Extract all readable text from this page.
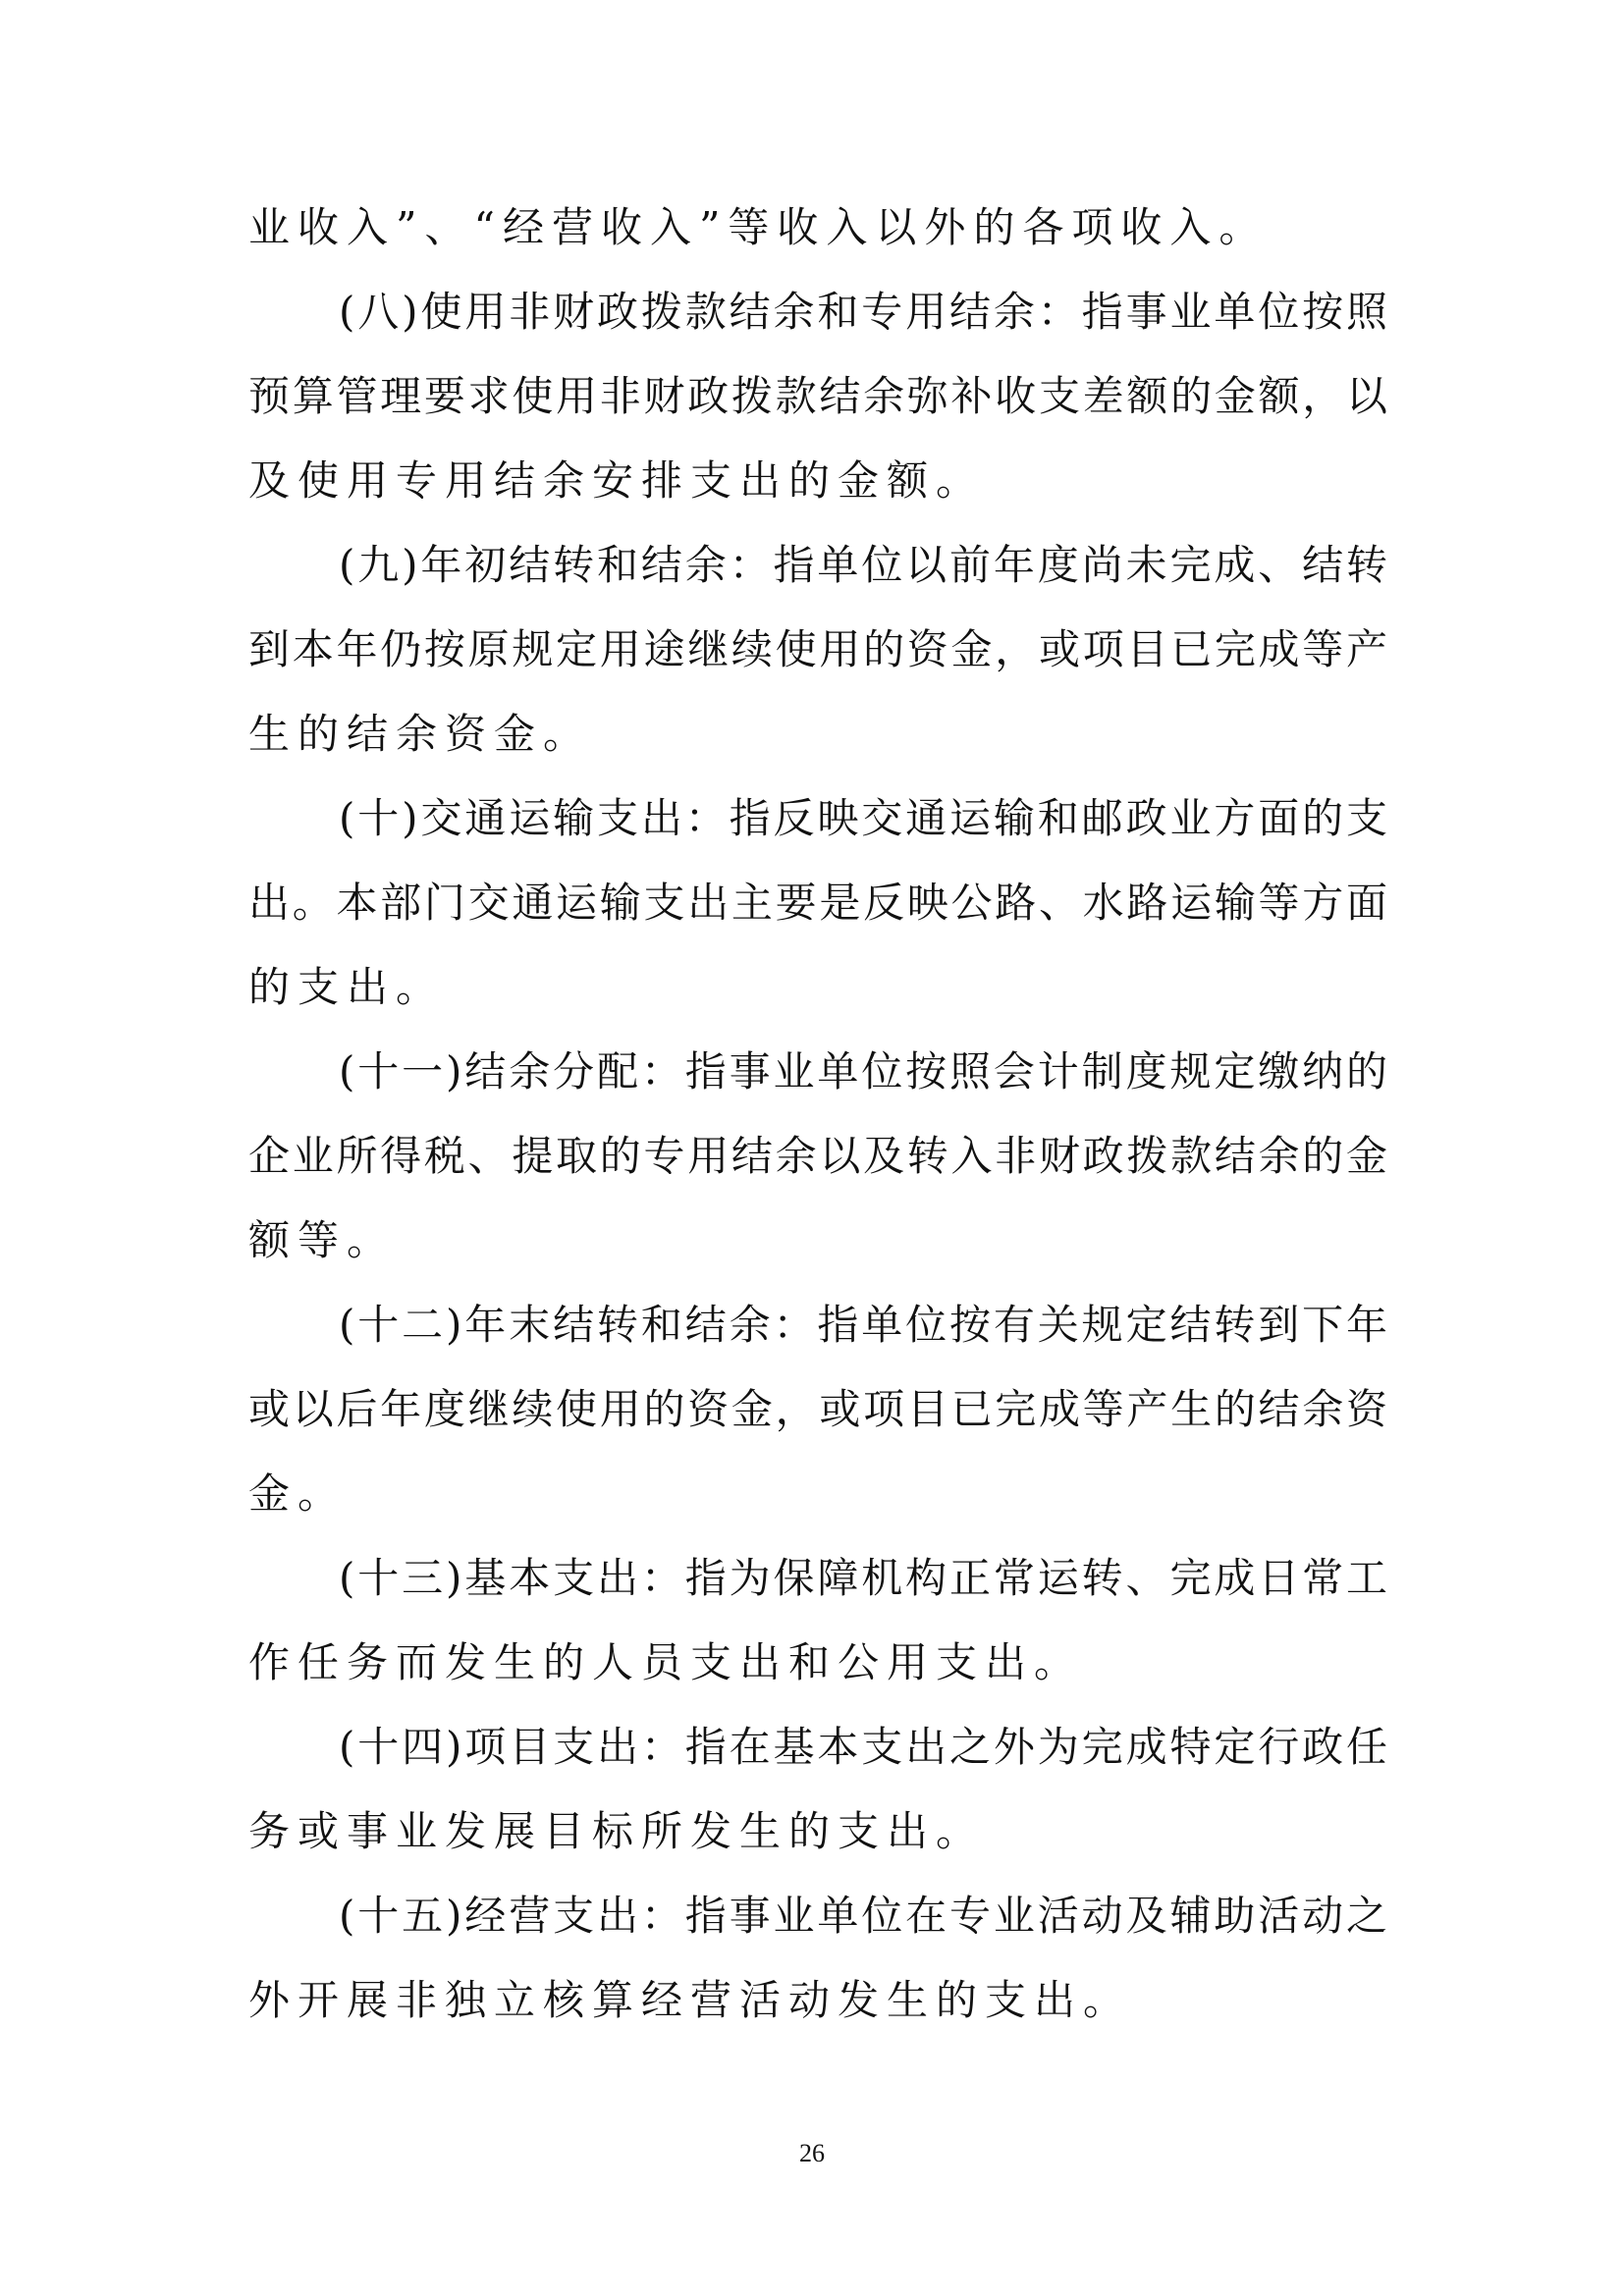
业收入”、“经营收入”等收入以外的各项收入。
(八)使用非财政拨款结余和专用结余：指事业单位按照
预算管理要求使用非财政拨款结余弥补收支差额的金额，以
及使用专用结余安排支出的金额。
(九)年初结转和结余：指单位以前年度尚未完成、结转
到本年仍按原规定用途继续使用的资金，或项目已完成等产
生的结余资金。
(十)交通运输支出：指反映交通运输和邮政业方面的支
出。本部门交通运输支出主要是反映公路、水路运输等方面
的支出。
(十一)结余分配：指事业单位按照会计制度规定缴纳的
企业所得税、提取的专用结余以及转入非财政拨款结余的金
额等。
(十二)年末结转和结余：指单位按有关规定结转到下年
或以后年度继续使用的资金，或项目已完成等产生的结余资
金。
(十三)基本支出：指为保障机构正常运转、完成日常工
作任务而发生的人员支出和公用支出。
(十四)项目支出：指在基本支出之外为完成特定行政任
务或事业发展目标所发生的支出。
(十五)经营支出：指事业单位在专业活动及辅助活动之
外开展非独立核算经营活动发生的支出。
26
